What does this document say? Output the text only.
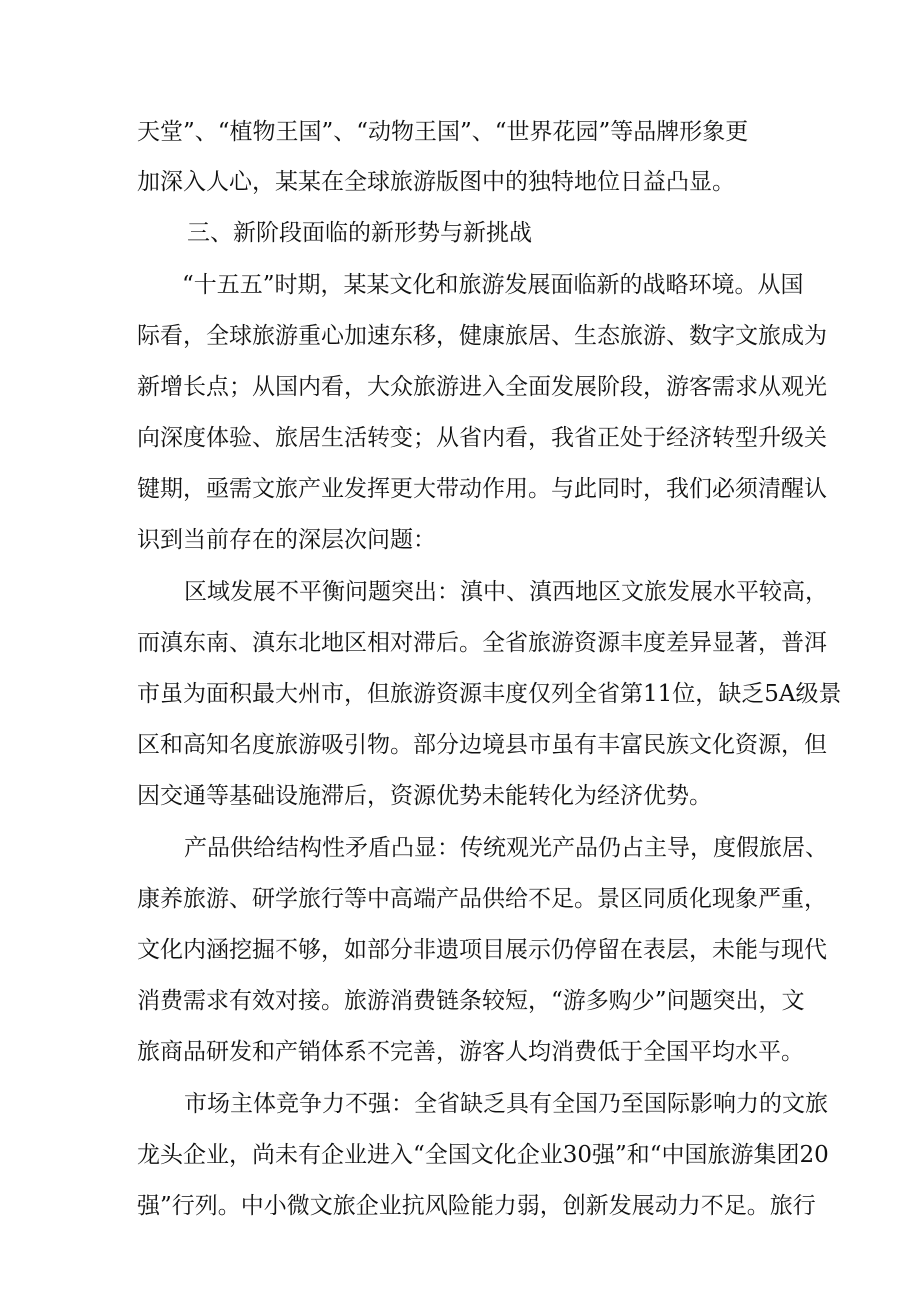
天堂”、“植物王国”、“动物王国”、“世界花园”等品牌形象更

加深入人心，某某在全球旅游版图中的独特地位日益凸显。

三、新阶段面临的新形势与新挑战

“十五五”时期，某某文化和旅游发展面临新的战略环境。从国

际看，全球旅游重心加速东移，健康旅居、生态旅游、数字文旅成为

新增长点；从国内看，大众旅游进入全面发展阶段，游客需求从观光

向深度体验、旅居生活转变；从省内看，我省正处于经济转型升级关

键期，亟需文旅产业发挥更大带动作用。与此同时，我们必须清醒认

识到当前存在的深层次问题：

区域发展不平衡问题突出：滇中、滇西地区文旅发展水平较高，

而滇东南、滇东北地区相对滞后。全省旅游资源丰度差异显著，普洱

市虽为面积最大州市，但旅游资源丰度仅列全省第11位，缺乏5A级景

区和高知名度旅游吸引物。部分边境县市虽有丰富民族文化资源，但

因交通等基础设施滞后，资源优势未能转化为经济优势。

产品供给结构性矛盾凸显：传统观光产品仍占主导，度假旅居、

康养旅游、研学旅行等中高端产品供给不足。景区同质化现象严重，

文化内涵挖掘不够，如部分非遗项目展示仍停留在表层，未能与现代

消费需求有效对接。旅游消费链条较短，“游多购少”问题突出，文

旅商品研发和产销体系不完善，游客人均消费低于全国平均水平。

市场主体竞争力不强：全省缺乏具有全国乃至国际影响力的文旅

龙头企业，尚未有企业进入“全国文化企业30强”和“中国旅游集团20

强”行列。中小微文旅企业抗风险能力弱，创新发展动力不足。旅行
